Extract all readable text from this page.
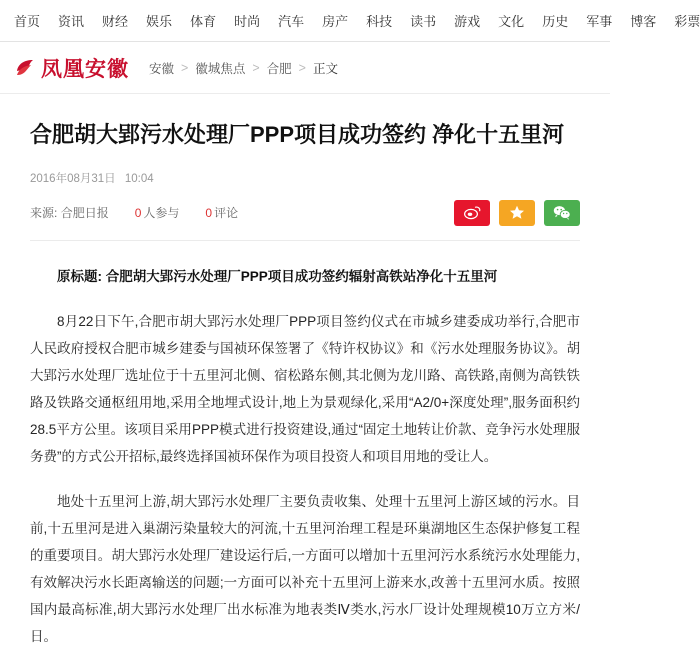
首页 资讯 财经 娱乐 体育 时尚 汽车 房产 科技 读书 游戏 文化 历史 军事 博客 彩票
凤凰安徽 安徽 > 徽城焦点 > 合肥 > 正文
合肥胡大郢污水处理厂PPP项目成功签约 净化十五里河
2016年08月31日 10:04
来源: 合肥日报 0 人参与 0 评论

原标题: 合肥胡大郢污水处理厂PPP项目成功签约辐射高铁站净化十五里河

8月22日下午,合肥市胡大郢污水处理厂PPP项目签约仪式在市城乡建委成功举行,合肥市人民政府授权合肥市城乡建委与国祯环保签署了《特许权协议》和《污水处理服务协议》。胡大郢污水处理厂选址位于十五里河北侧、宿松路东侧,其北侧为龙川路、高铁路,南侧为高铁铁路及铁路交通枢纽用地,采用全地埋式设计,地上为景观绿化,采用“A2/0+深度处理”,服务面积约28.5平方公里。该项目采用PPP模式进行投资建设,通过“固定土地转让价款、竞争污水处理服务费”的方式公开招标,最终选择国祯环保作为项目投资人和项目用地的受让人。

地处十五里河上游,胡大郢污水处理厂主要负责收集、处理十五里河上游区域的污水。目前,十五里河是进入巢湖污染量较大的河流,十五里河治理工程是环巢湖地区生态保护修复工程的重要项目。胡大郢污水处理厂建设运行后,一方面可以增加十五里河污水系统污水处理能力,有效解决污水长距离输送的问题;一方面可以补充十五里河上游来水,改善十五里河水质。按照国内最高标准,胡大郢污水处理厂出水标准为地表类Ⅳ类水,污水厂设计处理规模10万立方米/日。
